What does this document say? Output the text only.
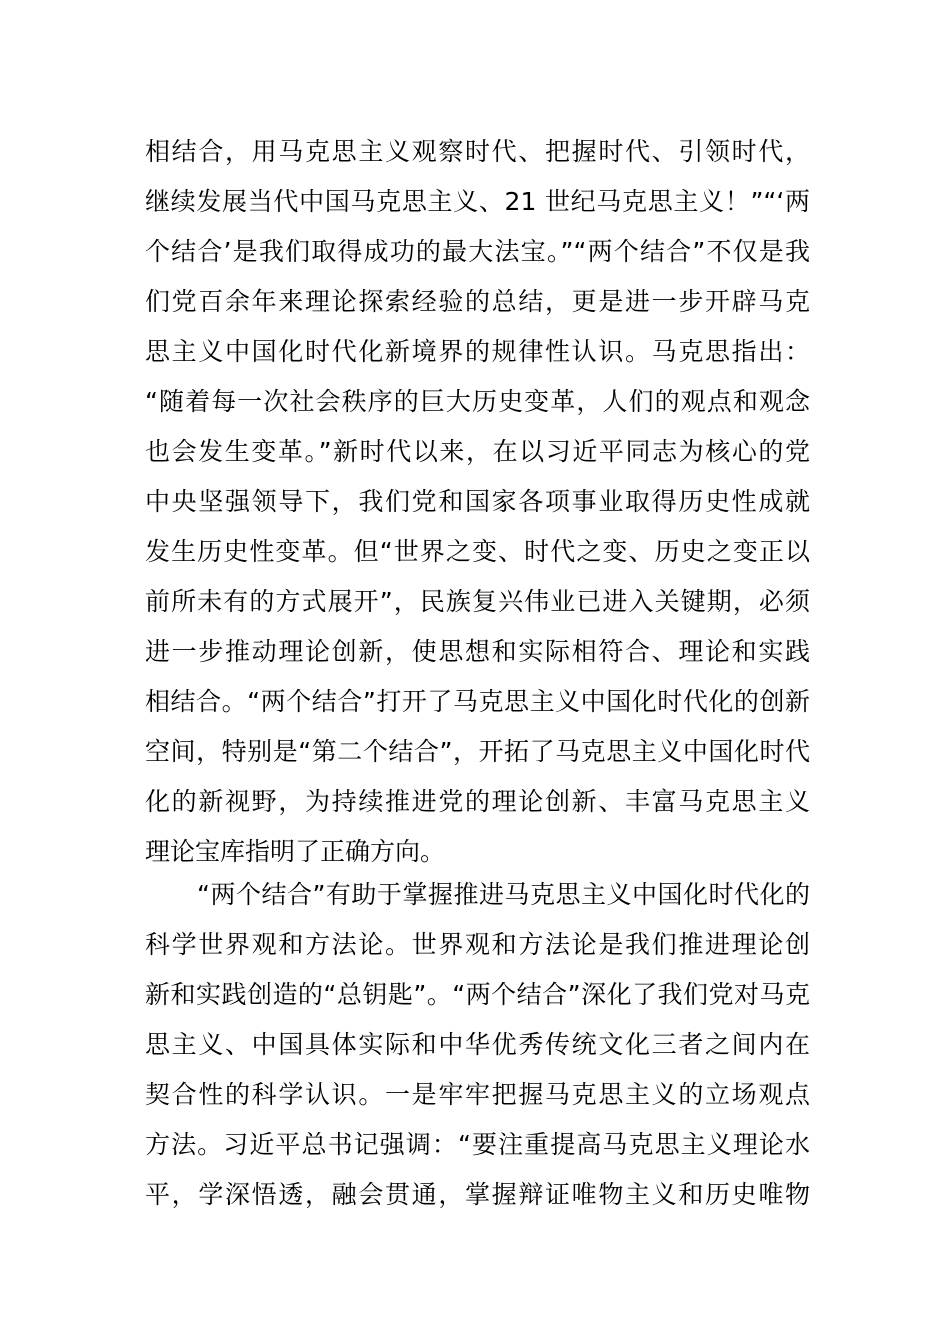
相结合，用马克思主义观察时代、把握时代、引领时代，
继续发展当代中国马克思主义、21 世纪马克思主义！”“‘两
个结合’是我们取得成功的最大法宝。”“两个结合”不仅是我
们党百余年来理论探索经验的总结，更是进一步开辟马克
思主义中国化时代化新境界的规律性认识。马克思指出：
“随着每一次社会秩序的巨大历史变革，人们的观点和观念
也会发生变革。”新时代以来，在以习近平同志为核心的党
中央坚强领导下，我们党和国家各项事业取得历史性成就
发生历史性变革。但“世界之变、时代之变、历史之变正以
前所未有的方式展开”，民族复兴伟业已进入关键期，必须
进一步推动理论创新，使思想和实际相符合、理论和实践
相结合。“两个结合”打开了马克思主义中国化时代化的创新
空间，特别是“第二个结合”，开拓了马克思主义中国化时代
化的新视野，为持续推进党的理论创新、丰富马克思主义
理论宝库指明了正确方向。
“两个结合”有助于掌握推进马克思主义中国化时代化的
科学世界观和方法论。世界观和方法论是我们推进理论创
新和实践创造的“总钥匙”。“两个结合”深化了我们党对马克
思主义、中国具体实际和中华优秀传统文化三者之间内在
契合性的科学认识。一是牢牢把握马克思主义的立场观点
方法。习近平总书记强调：“要注重提高马克思主义理论水
平，学深悟透，融会贯通，掌握辩证唯物主义和历史唯物
